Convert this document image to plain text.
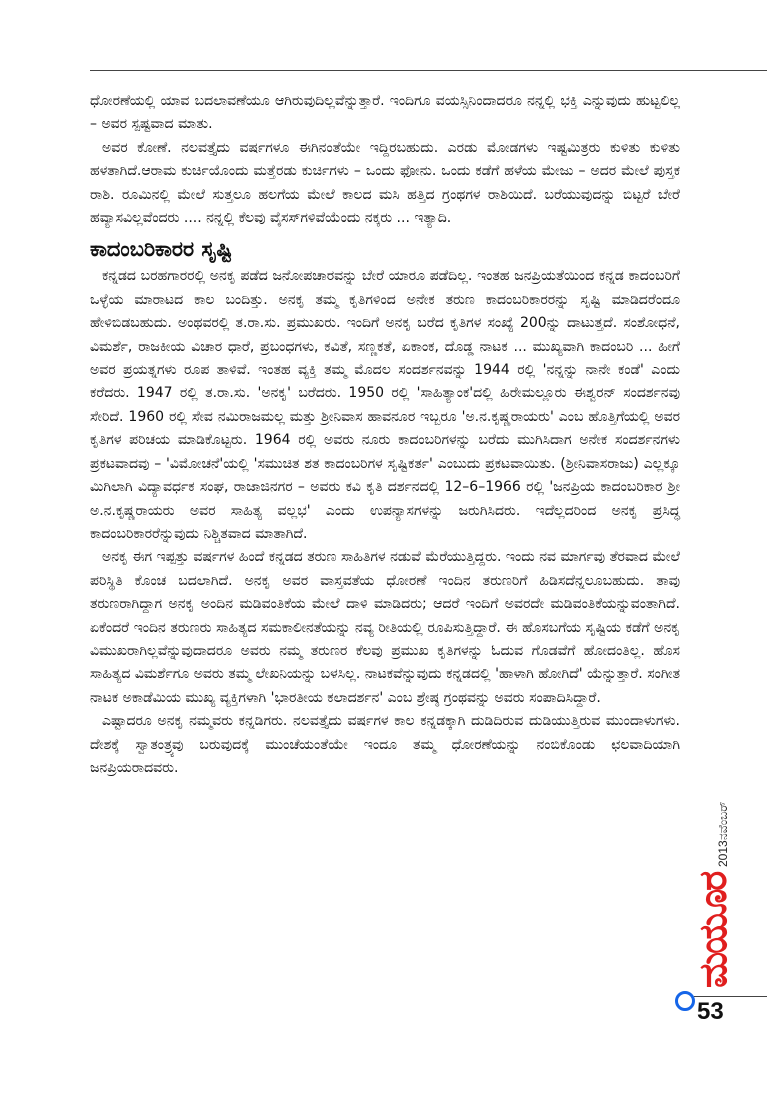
ಧೋರಣೆಯಲ್ಲಿ ಯಾವ ಬದಲಾವಣೆಯೂ ಆಗಿರುವುದಿಲ್ಲವೆನ್ನುತ್ತಾರೆ. ಇಂದಿಗೂ ವಯಸ್ಸಿನಿಂದಾದರೂ ನನ್ನಲ್ಲಿ ಭಕ್ತಿ ಎನ್ನುವುದು ಹುಟ್ಟಲಿಲ್ಲ – ಅವರ ಸ್ಪಷ್ಟವಾದ ಮಾತು.

ಅವರ ಕೋಣೆ. ನಲವತ್ತೈದು ವರ್ಷಗಳೂ ಈಗಿನಂತೆಯೇ ಇದ್ದಿರಬಹುದು. ಎರಡು ಮೋಡಗಳು ಇಷ್ಟಮಿತ್ರರು ಕುಳಿತು ಕುಳಿತು ಹಳತಾಗಿದೆ.ಆರಾಮ ಕುರ್ಚಿಯೊಂದು ಮತ್ತೆರಡು ಕುರ್ಚಿಗಳು – ಒಂದು ಫೋನು. ಒಂದು ಕಡೆಗೆ ಹಳೆಯ ಮೇಜು – ಅದರ ಮೇಲೆ ಪುಸ್ತಕ ರಾಶಿ. ರೂಮಿನಲ್ಲಿ ಮೇಲೆ ಸುತ್ತಲೂ ಹಲಗೆಯ ಮೇಲೆ ಕಾಲದ ಮಸಿ ಹತ್ತಿದ ಗ್ರಂಥಗಳ ರಾಶಿಯಿದೆ. ಬರೆಯುವುದನ್ನು ಬಿಟ್ಟರೆ ಬೇರೆ ಹವ್ಯಾಸವಿಲ್ಲವೆಂದರು .... ನನ್ನಲ್ಲಿ ಕೆಲವು ವೈಸಸ್‌ಗಳಿವೆಯೆಂದು ನಕ್ಕರು ... ಇತ್ಯಾದಿ.

ಕಾದಂಬರಿಕಾರರ ಸೃಷ್ಟಿ

ಕನ್ನಡದ ಬರಹಗಾರರಲ್ಲಿ ಅನಕೃ ಪಡೆದ ಜನೋಪಚಾರವನ್ನು ಬೇರೆ ಯಾರೂ ಪಡೆದಿಲ್ಲ. ಇಂತಹ ಜನಪ್ರಿಯತೆಯಿಂದ ಕನ್ನಡ ಕಾದಂಬರಿಗೆ ಒಳ್ಳೆಯ ಮಾರಾಟದ ಕಾಲ ಬಂದಿತ್ತು. ಅನಕೃ ತಮ್ಮ ಕೃತಿಗಳಿಂದ ಅನೇಕ ತರುಣ ಕಾದಂಬರಿಕಾರರನ್ನು ಸೃಷ್ಟಿ ಮಾಡಿದರೆಂದೂ ಹೇಳಿಬಿಡಬಹುದು. ಅಂಥವರಲ್ಲಿ ತ.ರಾ.ಸು. ಪ್ರಮುಖರು. ಇಂದಿಗೆ ಅನಕೃ ಬರೆದ ಕೃತಿಗಳ ಸಂಖ್ಯೆ 200ನ್ನು ದಾಟುತ್ತದೆ. ಸಂಶೋಧನೆ, ವಿಮರ್ಶೆ, ರಾಜಕೀಯ ವಿಚಾರ ಧಾರೆ, ಪ್ರಬಂಧಗಳು, ಕವಿತೆ, ಸಣ್ಣಕತೆ, ಏಕಾಂಕ, ದೊಡ್ಡ ನಾಟಕ ... ಮುಖ್ಯವಾಗಿ ಕಾದಂಬರಿ ... ಹೀಗೆ ಅವರ ಪ್ರಯತ್ನಗಳು ರೂಪ ತಾಳಿವೆ. ಇಂತಹ ವ್ಯಕ್ತಿ ತಮ್ಮ ಮೊದಲ ಸಂದರ್ಶನವನ್ನು 1944 ರಲ್ಲಿ 'ನನ್ನನ್ನು ನಾನೇ ಕಂಡೆ' ಎಂದು ಕರೆದರು. 1947 ರಲ್ಲಿ ತ.ರಾ.ಸು. 'ಅನಕೃ' ಬರೆದರು. 1950 ರಲ್ಲಿ 'ಸಾಹಿತ್ಯಾಂಕ'ದಲ್ಲಿ ಹಿರೇಮಲ್ಲೂರು ಈಶ್ವರನ್ ಸಂದರ್ಶನವು ಸೇರಿದೆ. 1960 ರಲ್ಲಿ ಸೇವ ನಮಿರಾಜಮಲ್ಲ ಮತ್ತು ಶ್ರೀನಿವಾಸ ಹಾವನೂರ ಇಬ್ಬರೂ 'ಅ.ನ.ಕೃಷ್ಣರಾಯರು' ಎಂಬ ಹೊತ್ತಿಗೆಯಲ್ಲಿ ಅವರ ಕೃತಿಗಳ ಪರಿಚಯ ಮಾಡಿಕೊಟ್ಟರು. 1964 ರಲ್ಲಿ ಅವರು ನೂರು ಕಾದಂಬರಿಗಳನ್ನು ಬರೆದು ಮುಗಿಸಿದಾಗ ಅನೇಕ ಸಂದರ್ಶನಗಳು ಪ್ರಕಟವಾದವು – 'ವಿಮೋಚನೆ'ಯಲ್ಲಿ 'ಸಮುಚಿತ ಶತ ಕಾದಂಬರಿಗಳ ಸೃಷ್ಟಿಕರ್ತ' ಎಂಬುದು ಪ್ರಕಟವಾಯಿತು. (ಶ್ರೀನಿವಾಸರಾಜು) ಎಲ್ಲಕ್ಕೂ ಮಿಗಿಲಾಗಿ ವಿದ್ಯಾವರ್ಧಕ ಸಂಘ, ರಾಜಾಜಿನಗರ – ಅವರು ಕವಿ ಕೃತಿ ದರ್ಶನದಲ್ಲಿ 12–6–1966 ರಲ್ಲಿ 'ಜನಪ್ರಿಯ ಕಾದಂಬರಿಕಾರ ಶ್ರೀ ಅ.ನ.ಕೃಷ್ಣರಾಯರು ಅವರ ಸಾಹಿತ್ಯ ವಲ್ಲಭ' ಎಂದು ಉಪನ್ಯಾಸಗಳನ್ನು ಜರುಗಿಸಿದರು. ಇದೆಲ್ಲದರಿಂದ ಅನಕೃ ಪ್ರಸಿದ್ಧ ಕಾದಂಬರಿಕಾರರೆನ್ನುವುದು ನಿಶ್ಚಿತವಾದ ಮಾತಾಗಿದೆ.

ಅನಕೃ ಈಗ ಇಪ್ಪತ್ತು ವರ್ಷಗಳ ಹಿಂದೆ ಕನ್ನಡದ ತರುಣ ಸಾಹಿತಿಗಳ ನಡುವೆ ಮೆರೆಯುತ್ತಿದ್ದರು. ಇಂದು ನವ ಮಾರ್ಗವು ತೆರವಾದ ಮೇಲೆ ಪರಿಸ್ಥಿತಿ ಕೊಂಚ ಬದಲಾಗಿದೆ. ಅನಕೃ ಅವರ ವಾಸ್ತವತೆಯ ಧೋರಣೆ ಇಂದಿನ ತರುಣರಿಗೆ ಹಿಡಿಸದೆನ್ನಲೂಬಹುದು. ತಾವು ತರುಣರಾಗಿದ್ದಾಗ ಅನಕೃ ಅಂದಿನ ಮಡಿವಂತಿಕೆಯ ಮೇಲೆ ದಾಳಿ ಮಾಡಿದರು; ಆದರೆ ಇಂದಿಗೆ ಅವರದೇ ಮಡಿವಂತಿಕೆಯನ್ನುವಂತಾಗಿದೆ. ಏಕೆಂದರೆ ಇಂದಿನ ತರುಣರು ಸಾಹಿತ್ಯದ ಸಮಕಾಲೀನತೆಯನ್ನು ನವ್ಯ ರೀತಿಯಲ್ಲಿ ರೂಪಿಸುತ್ತಿದ್ದಾರೆ. ಈ ಹೊಸಬಗೆಯ ಸೃಷ್ಟಿಯ ಕಡೆಗೆ ಅನಕೃ ವಿಮುಖರಾಗಿಲ್ಲವೆನ್ನುವುದಾದರೂ ಅವರು ನಮ್ಮ ತರುಣರ ಕೆಲವು ಪ್ರಮುಖ ಕೃತಿಗಳನ್ನು ಓದುವ ಗೊಡವೆಗೆ ಹೋದಂತಿಲ್ಲ. ಹೊಸ ಸಾಹಿತ್ಯದ ವಿಮರ್ಶೆಗೂ ಅವರು ತಮ್ಮ ಲೇಖನಿಯನ್ನು ಬಳಸಿಲ್ಲ. ನಾಟಕವೆನ್ನುವುದು ಕನ್ನಡದಲ್ಲಿ 'ಹಾಳಾಗಿ ಹೋಗಿದೆ' ಯೆನ್ನುತ್ತಾರೆ. ಸಂಗೀತ ನಾಟಕ ಅಕಾಡೆಮಿಯ ಮುಖ್ಯ ವ್ಯಕ್ತಿಗಳಾಗಿ 'ಭಾರತೀಯ ಕಲಾದರ್ಶನ' ಎಂಬ ಶ್ರೇಷ್ಠ ಗ್ರಂಥವನ್ನು ಅವರು ಸಂಪಾದಿಸಿದ್ದಾರೆ.

ಎಷ್ಟಾದರೂ ಅನಕೃ ನಮ್ಮವರು ಕನ್ನಡಿಗರು. ನಲವತ್ತೈದು ವರ್ಷಗಳ ಕಾಲ ಕನ್ನಡಕ್ಕಾಗಿ ದುಡಿದಿರುವ ದುಡಿಯುತ್ತಿರುವ ಮುಂದಾಳುಗಳು. ದೇಶಕ್ಕೆ ಸ್ವಾತಂತ್ರ್ಯವು ಬರುವುದಕ್ಕೆ ಮುಂಚೆಯಂತೆಯೇ ಇಂದೂ ತಮ್ಮ ಧೋರಣೆಯನ್ನು ನಂಬಿಕೊಂಡು ಛಲವಾದಿಯಾಗಿ ಜನಪ್ರಿಯರಾದವರು.

2013ನವೆಂಬರ್
ಮಯೂರ
53
